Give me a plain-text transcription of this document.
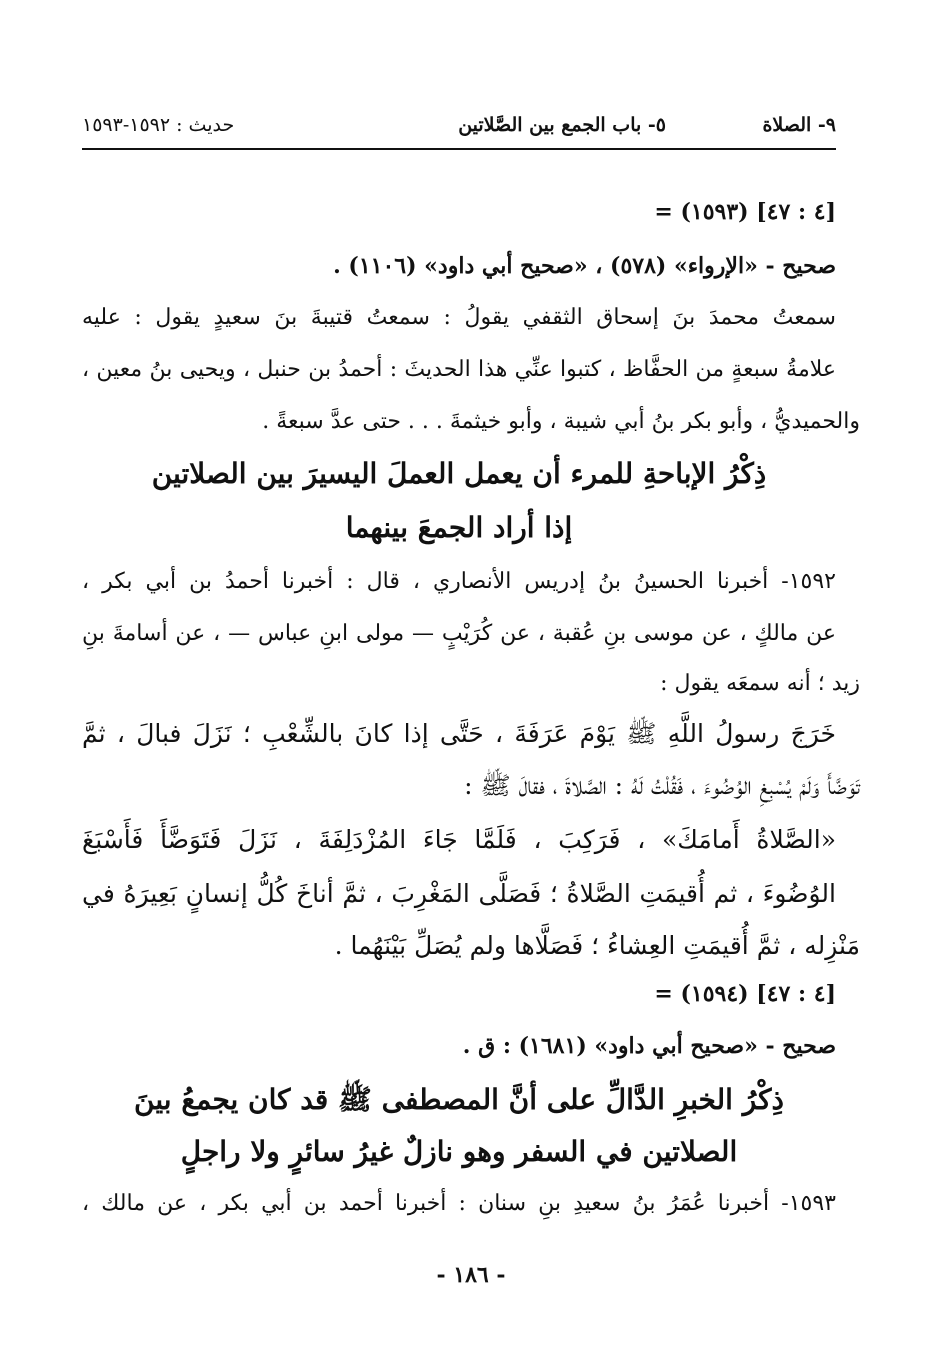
٩- الصلاة
٥- باب الجمع بين الصَّلاتين
حديث : ١٥٩٢-١٥٩٣
= (١٥٩٣) [٤ : ٤٧]
صحيح - «الإرواء» (٥٧٨) ، «صحيح أبي داود» (١١٠٦) .
سمعتُ محمدَ بنَ إسحاق الثقفي يقولُ : سمعتُ قتيبةَ بنَ سعيدٍ يقول : عليه
علامةُ سبعةٍ من الحفَّاظ ، كتبوا عنِّي هذا الحديثَ : أحمدُ بن حنبل ، ويحيى بنُ معين ،
والحميديُّ ، وأبو بكر بنُ أبي شيبة ، وأبو خيثمةَ . . . حتى عدَّ سبعةً .
ذِكْرُ الإباحةِ للمرء أن يعمل العملَ اليسيرَ بين الصلاتين
إذا أراد الجمعَ بينهما
١٥٩٢- أخبرنا الحسينُ بنُ إدريس الأنصاري ، قال : أخبرنا أحمدُ بن أبي بكر ،
عن مالكٍ ، عن موسى بنِ عُقبة ، عن كُرَيْبٍ — مولى ابنِ عباس — ، عن أسامةَ بنِ
زيد ؛ أنه سمعَه يقول :
خَرَجَ رسولُ اللَّهِ ﷺ يَوْمَ عَرَفَةَ ، حَتَّى إذا كانَ بالشِّعْبِ ؛ نَزَلَ فبالَ ، ثمَّ
تَوَضَّأَ وَلَمْ يُسْبِغِ الوُضُوءَ ، فَقُلْتُ لَهُ : الصَّلاةَ ، فقالَ ﷺ :
«الصَّلاةُ أَمامَكَ» ، فَرَكِبَ ، فَلَمَّا جَاءَ المُزْدَلِفَةَ ، نَزَلَ فَتَوَضَّأَ فَأَسْبَغَ
الوُضُوءَ ، ثم أُقيمَتِ الصَّلاةُ ؛ فَصَلَّى المَغْرِبَ ، ثمَّ أناخَ كُلُّ إنسانٍ بَعِيرَهُ في
مَنْزِله ، ثمَّ أُقيمَتِ العِشاءُ ؛ فَصَلَّاها ولم يُصَلِّ بَيْنَهُما .
= (١٥٩٤) [٤ : ٤٧]
صحيح - «صحيح أبي داود» (١٦٨١) : ق .
ذِكْرُ الخبرِ الدَّالِّ على أنَّ المصطفى ﷺ قد كان يجمعُ بينَ
الصلاتين في السفر وهو نازلٌ غيرُ سائرٍ ولا راجلٍ
١٥٩٣- أخبرنا عُمَرُ بنُ سعيدِ بنِ سنان : أخبرنا أحمد بن أبي بكر ، عن مالك ،
- ١٨٦ -
